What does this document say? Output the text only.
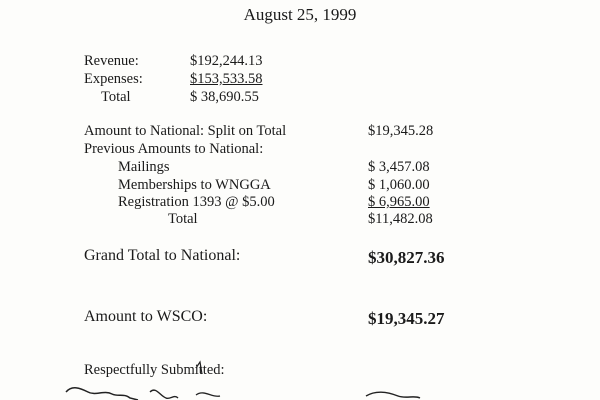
August 25, 1999
Revenue:	$192,244.13
Expenses:	$153,533.58
Total	$ 38,690.55
Amount to National: Split on Total	$19,345.28
Previous Amounts to National:
Mailings	$ 3,457.08
Memberships to WNGGA	$ 1,060.00
Registration 1393 @ $5.00	$ 6,965.00
Total	$11,482.08
Grand Total to National:	$30,827.36
Amount to WSCO:	$19,345.27
Respectfully Submitted:
